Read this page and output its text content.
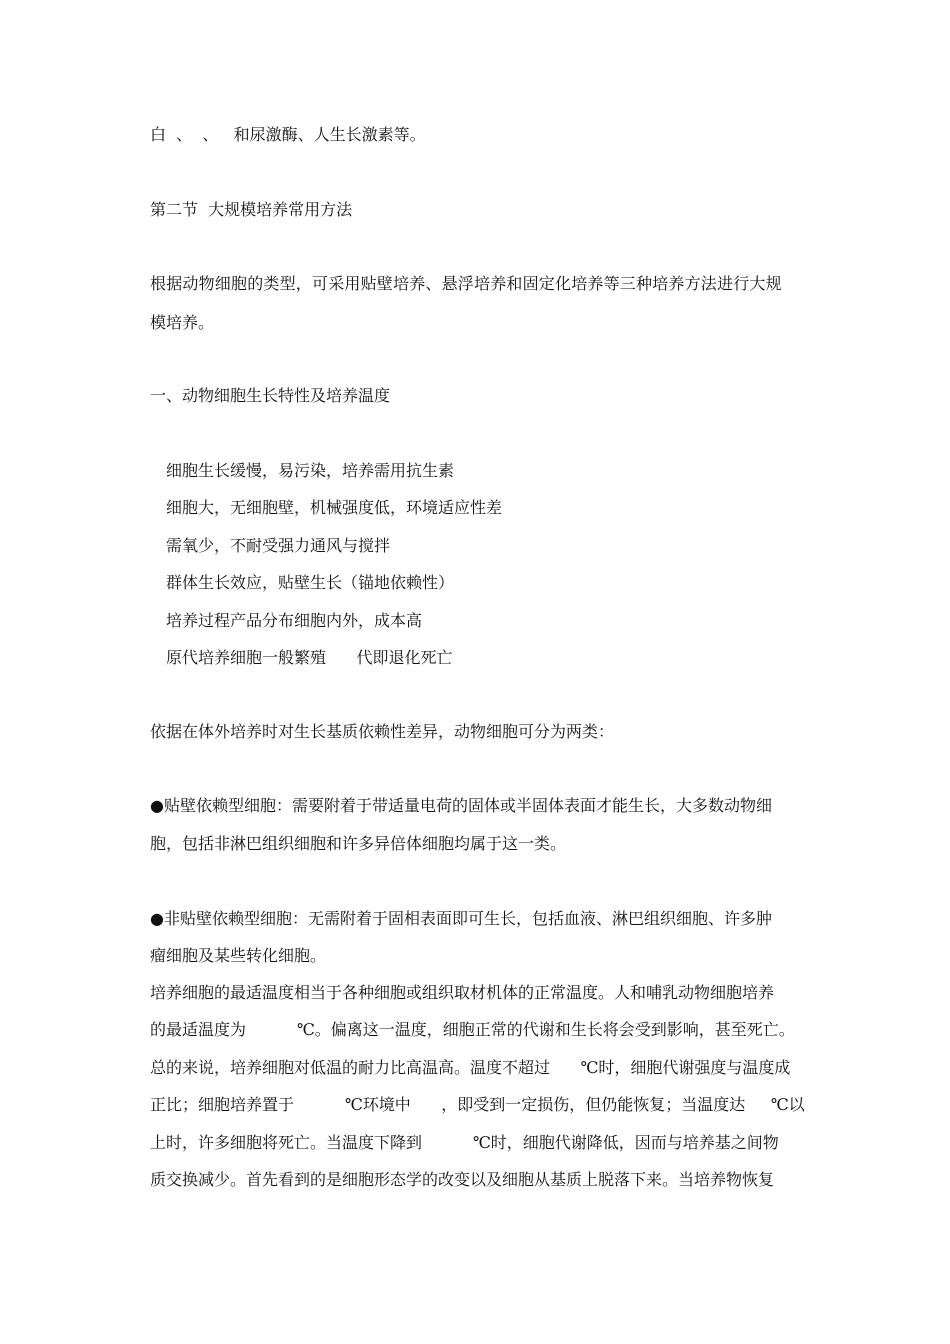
白  、  、   和尿激酶、人生长激素等。
第二节  大规模培养常用方法
根据动物细胞的类型，可采用贴壁培养、悬浮培养和固定化培养等三种培养方法进行大规
模培养。
一、动物细胞生长特性及培养温度
细胞生长缓慢，易污染，培养需用抗生素
细胞大，无细胞壁，机械强度低，环境适应性差
需氧少，不耐受强力通风与搅拌
群体生长效应，贴壁生长（锚地依赖性）
培养过程产品分布细胞内外，成本高
原代培养细胞一般繁殖      代即退化死亡
依据在体外培养时对生长基质依赖性差异，动物细胞可分为两类：
●贴壁依赖型细胞：需要附着于带适量电荷的固体或半固体表面才能生长，大多数动物细
胞，包括非淋巴组织细胞和许多异倍体细胞均属于这一类。
●非贴壁依赖型细胞：无需附着于固相表面即可生长，包括血液、淋巴组织细胞、许多肿
瘤细胞及某些转化细胞。
培养细胞的最适温度相当于各种细胞或组织取材机体的正常温度。人和哺乳动物细胞培养
的最适温度为          ℃。偏离这一温度，细胞正常的代谢和生长将会受到影响，甚至死亡。
总的来说，培养细胞对低温的耐力比高温高。温度不超过      ℃时，细胞代谢强度与温度成
正比；细胞培养置于          ℃环境中      ，即受到一定损伤，但仍能恢复；当温度达     ℃以
上时，许多细胞将死亡。当温度下降到          ℃时，细胞代谢降低，因而与培养基之间物
质交换减少。首先看到的是细胞形态学的改变以及细胞从基质上脱落下来。当培养物恢复
